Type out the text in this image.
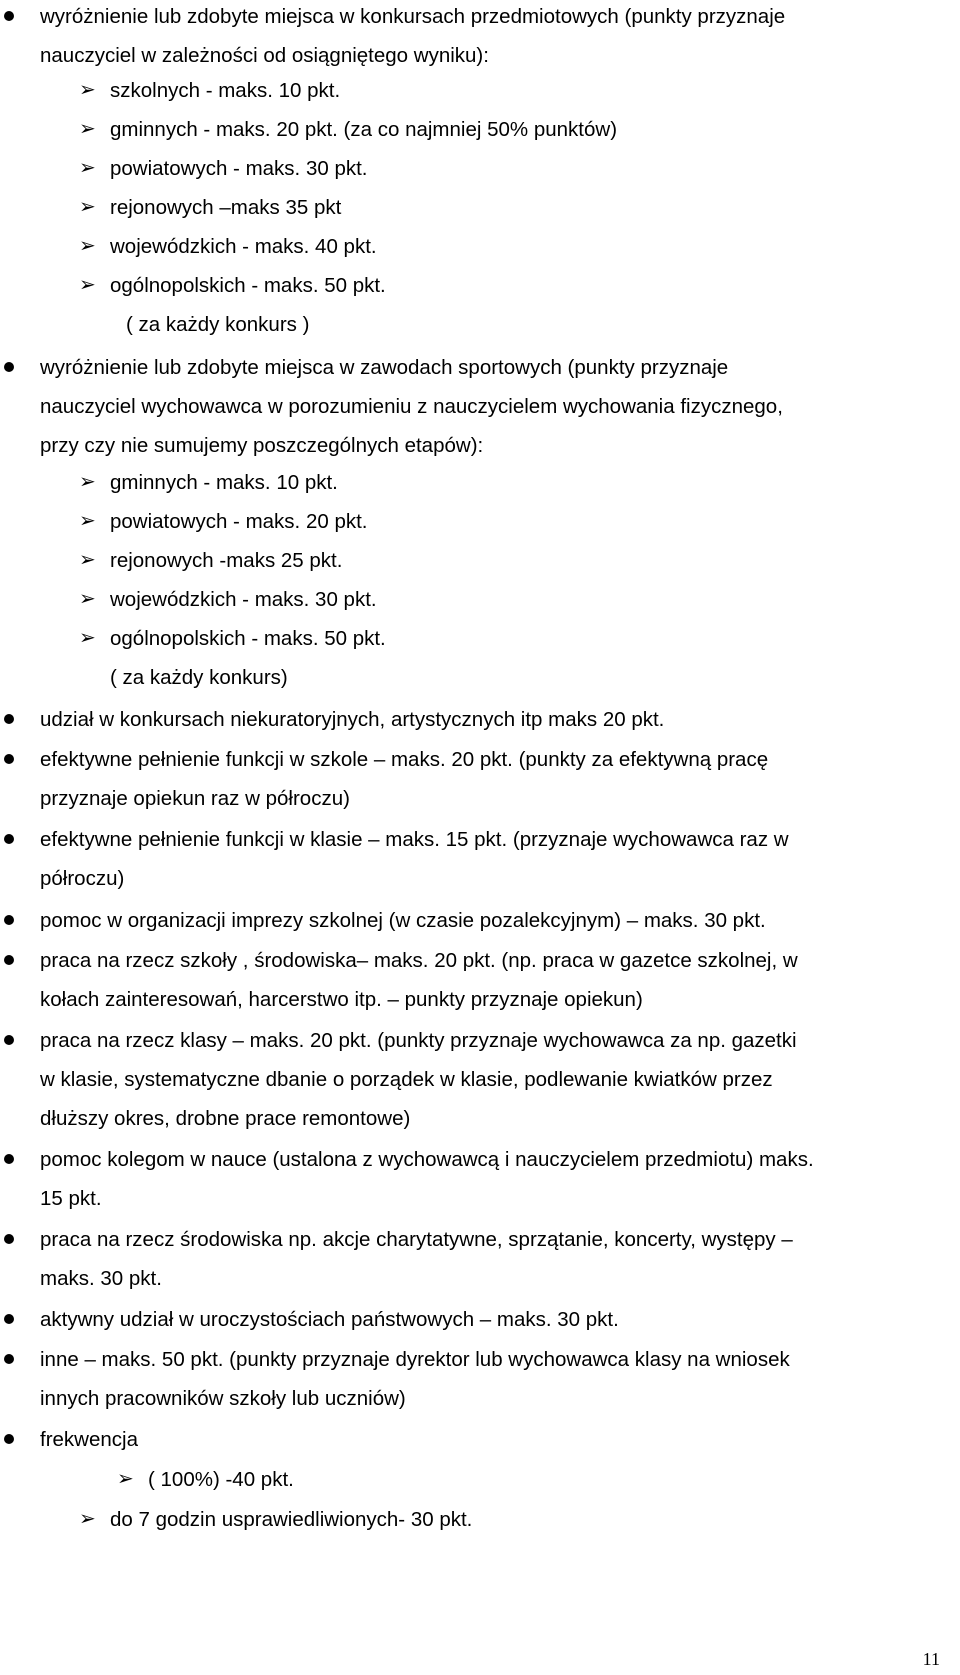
wyróżnienie lub zdobyte miejsca w konkursach przedmiotowych (punkty przyznaje
nauczyciel w zależności od osiągniętego wyniku):
➢ szkolnych - maks. 10 pkt.
➢ gminnych - maks. 20 pkt. (za co najmniej 50% punktów)
➢ powiatowych - maks. 30 pkt.
➢ rejonowych –maks 35 pkt
➢ wojewódzkich - maks. 40 pkt.
➢ ogólnopolskich - maks. 50 pkt.
( za każdy konkurs )
wyróżnienie lub zdobyte miejsca w zawodach sportowych (punkty przyznaje
nauczyciel wychowawca w porozumieniu z nauczycielem wychowania fizycznego,
przy czy nie sumujemy poszczególnych etapów):
➢ gminnych - maks. 10 pkt.
➢ powiatowych - maks. 20 pkt.
➢ rejonowych -maks 25 pkt.
➢ wojewódzkich - maks. 30 pkt.
➢ ogólnopolskich - maks. 50 pkt.
( za każdy konkurs)
udział w konkursach niekuratoryjnych, artystycznych itp maks 20 pkt.
efektywne pełnienie funkcji w szkole – maks. 20 pkt. (punkty za efektywną pracę
przyznaje opiekun raz w półroczu)
efektywne pełnienie funkcji w klasie – maks. 15 pkt. (przyznaje wychowawca raz w
półroczu)
pomoc w organizacji imprezy szkolnej (w czasie pozalekcyjnym) – maks. 30 pkt.
praca na rzecz szkoły , środowiska– maks. 20 pkt. (np. praca w gazetce szkolnej, w
kołach zainteresowań, harcerstwo itp. – punkty przyznaje opiekun)
praca na rzecz klasy – maks. 20 pkt. (punkty przyznaje wychowawca za np. gazetki
w klasie, systematyczne dbanie o porządek w klasie, podlewanie kwiatków przez
dłuższy okres, drobne prace remontowe)
pomoc kolegom w nauce (ustalona z wychowawcą i nauczycielem przedmiotu) maks.
15 pkt.
praca na rzecz środowiska np. akcje charytatywne, sprzątanie, koncerty, występy –
maks. 30 pkt.
aktywny udział w uroczystościach państwowych – maks. 30 pkt.
inne – maks. 50 pkt. (punkty przyznaje dyrektor lub wychowawca klasy na wniosek
innych pracowników szkoły lub uczniów)
frekwencja
➢ ( 100%) -40 pkt.
➢ do 7 godzin usprawiedliwionych- 30 pkt.
11
